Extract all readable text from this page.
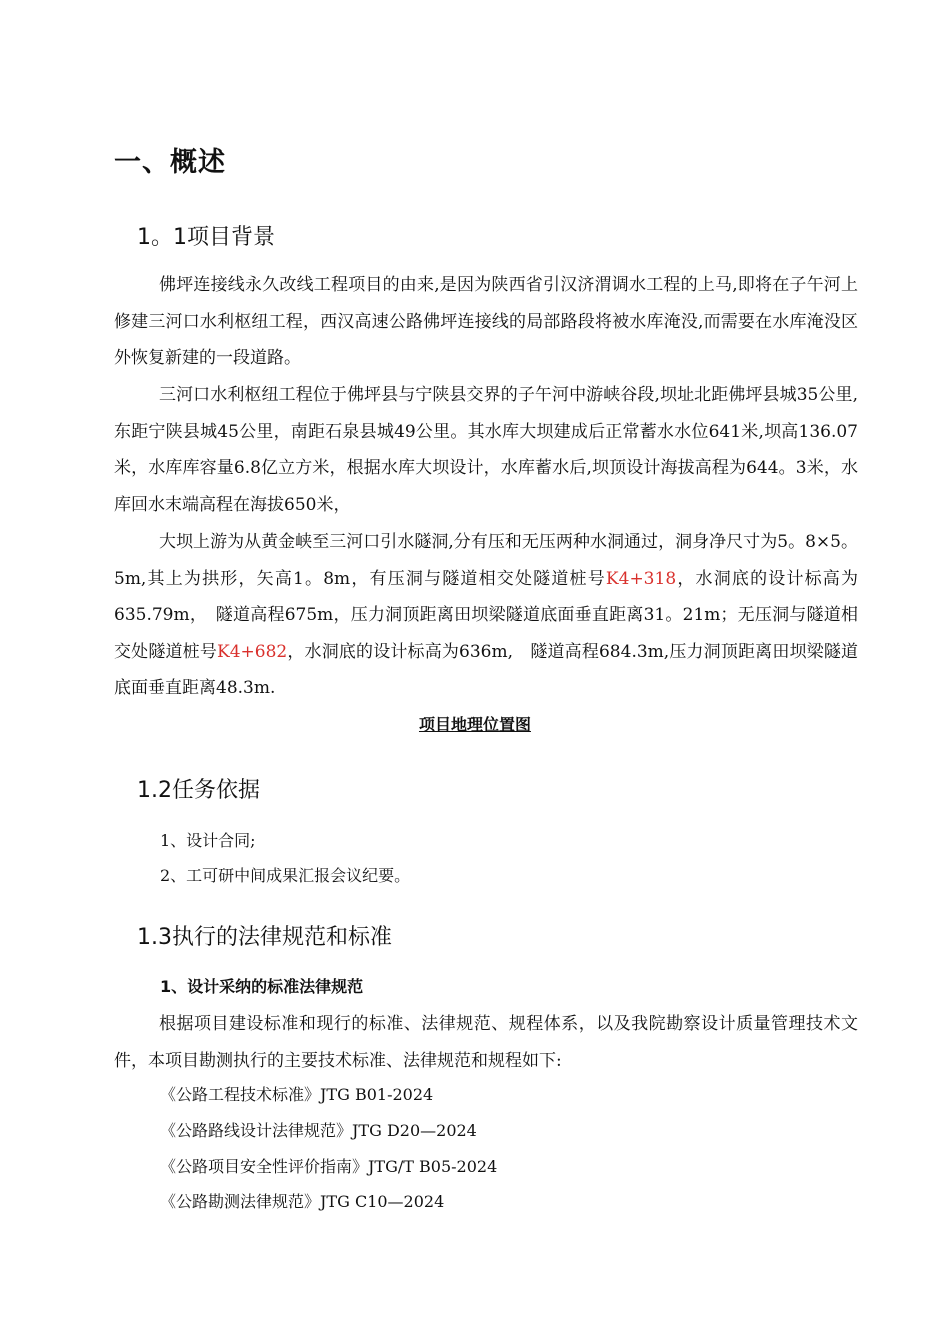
一、概述
1。1项目背景

佛坪连接线永久改线工程项目的由来,是因为陕西省引汉济渭调水工程的上马,即将在子午河上修建三河口水利枢纽工程，西汉高速公路佛坪连接线的局部路段将被水库淹没,而需要在水库淹没区外恢复新建的一段道路。

三河口水利枢纽工程位于佛坪县与宁陕县交界的子午河中游峡谷段,坝址北距佛坪县城35公里,东距宁陕县城45公里，南距石泉县城49公里。其水库大坝建成后正常蓄水水位641米,坝高136.07米，水库库容量6.8亿立方米，根据水库大坝设计，水库蓄水后,坝顶设计海拔高程为644。3米，水库回水末端高程在海拔650米，

大坝上游为从黄金峡至三河口引水隧洞,分有压和无压两种水洞通过，洞身净尺寸为5。8×5。5m,其上为拱形，矢高1。8m，有压洞与隧道相交处隧道桩号K4+318，水洞底的设计标高为635.79m，　隧道高程675m，压力洞顶距离田坝梁隧道底面垂直距离31。21m；无压洞与隧道相交处隧道桩号K4+682，水洞底的设计标高为636m,　隧道高程684.3m,压力洞顶距离田坝梁隧道底面垂直距离48.3m.

项目地理位置图
1.2任务依据
1、设计合同;
2、工可研中间成果汇报会议纪要。
1.3执行的法律规范和标准
1、设计采纳的标准法律规范

根据项目建设标准和现行的标准、法律规范、规程体系，以及我院勘察设计质量管理技术文件，本项目勘测执行的主要技术标准、法律规范和规程如下:

《公路工程技术标准》JTG B01-2024
《公路路线设计法律规范》JTG D20—2024
《公路项目安全性评价指南》JTG/T B05-2024
《公路勘测法律规范》JTG C10—2024
